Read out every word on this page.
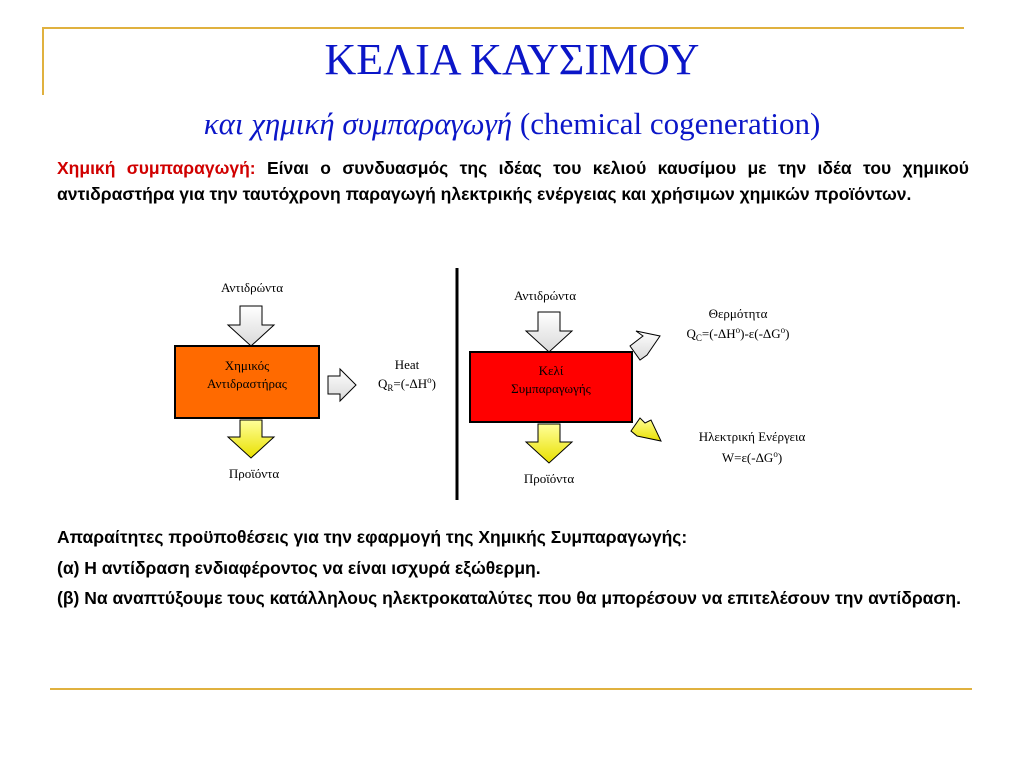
ΚΕΛΙΑ ΚΑΥΣΙΜΟΥ
και χημική συμπαραγωγή (chemical cogeneration)
Χημική συμπαραγωγή: Είναι ο συνδυασμός της ιδέας του κελιού καυσίμου με την ιδέα του χημικού αντιδραστήρα για την ταυτόχρονη παραγωγή ηλεκτρικής ενέργειας και χρήσιμων χημικών προϊόντων.
Αντιδρώντα
Χημικός
Αντιδραστήρας
Προϊόντα
Heat
$Q_R=(-\Delta H^o)$
Αντιδρώντα
Κελί
Συμπαραγωγής
Προϊόντα
Θερμότητα
$Q_C=(-\Delta H^o)-\varepsilon(-\Delta G^o)$
Ηλεκτρική Ενέργεια
$W=\varepsilon(-\Delta G^o)$

Απαραίτητες προϋποθέσεις για την εφαρμογή της Χημικής Συμπαραγωγής:

(α) Η αντίδραση ενδιαφέροντος να είναι ισχυρά εξώθερμη.

(β) Να αναπτύξουμε τους κατάλληλους ηλεκτροκαταλύτες που θα μπορέσουν να επιτελέσουν την αντίδραση.
